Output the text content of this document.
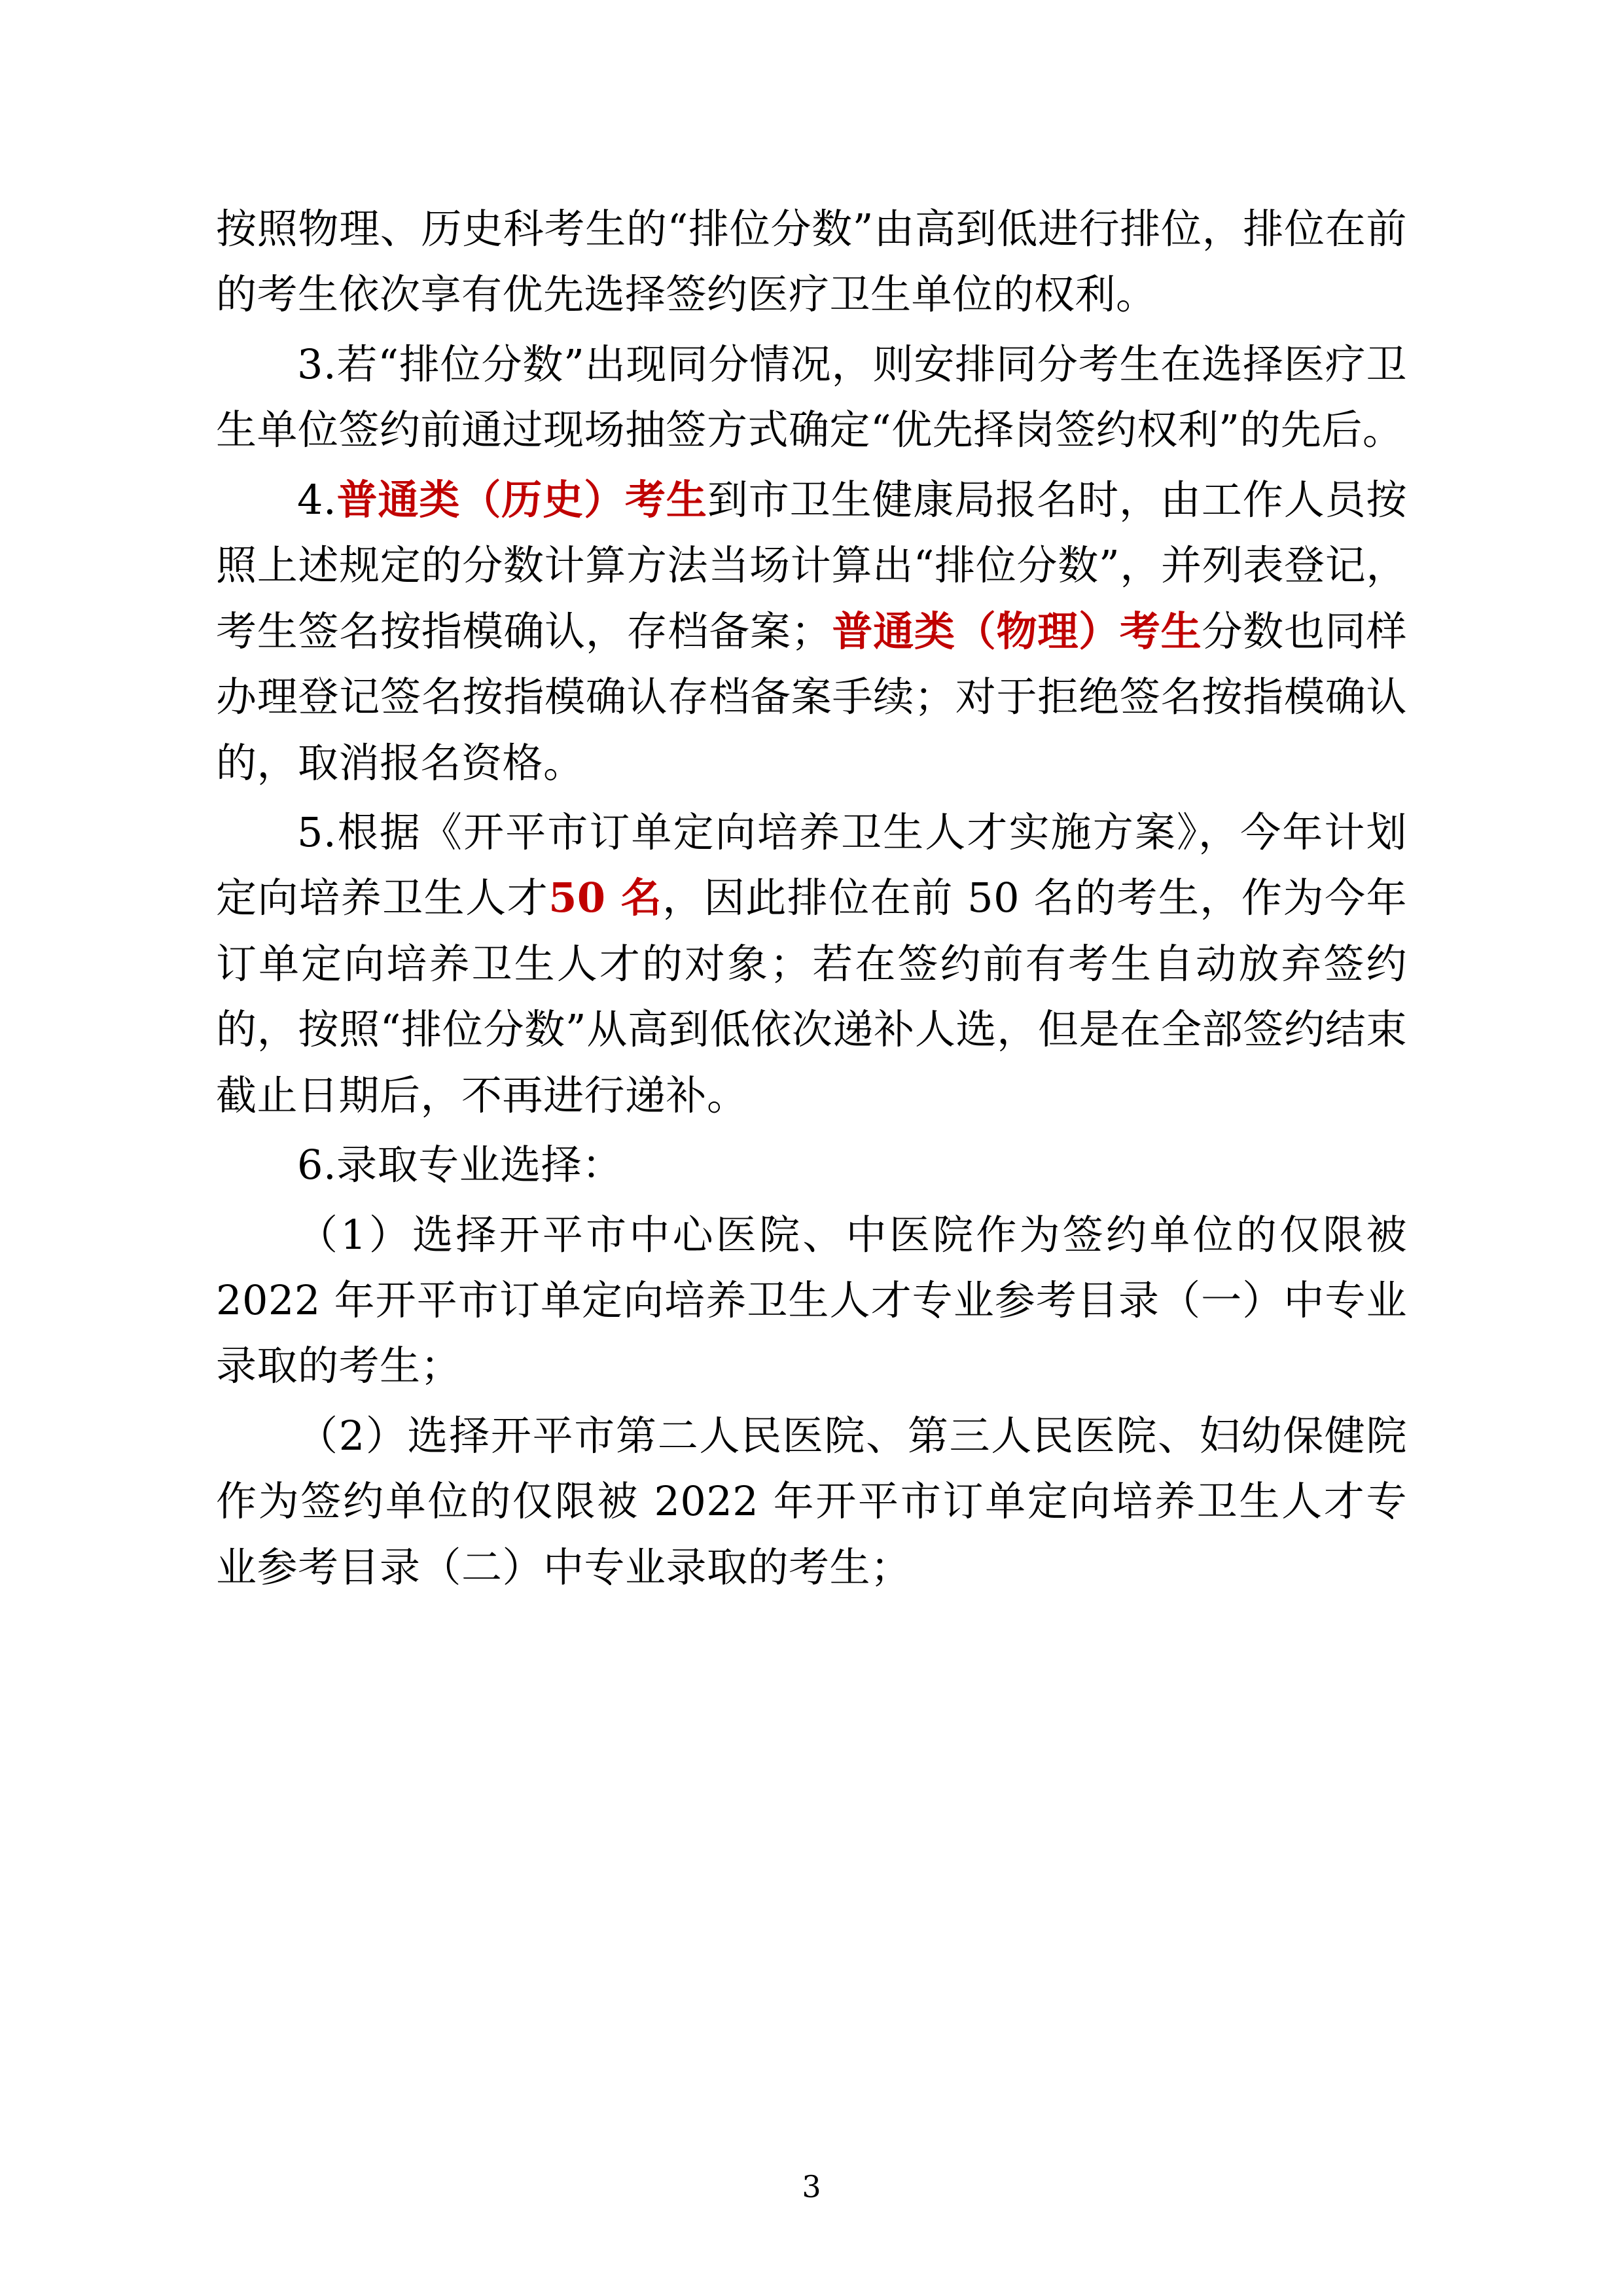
按照物理、历史科考生的“排位分数”由高到低进行排位，排位在前的考生依次享有优先选择签约医疗卫生单位的权利。
3.若“排位分数”出现同分情况，则安排同分考生在选择医疗卫生单位签约前通过现场抽签方式确定“优先择岗签约权利”的先后。
4.普通类（历史）考生到市卫生健康局报名时，由工作人员按照上述规定的分数计算方法当场计算出“排位分数”，并列表登记，考生签名按指模确认，存档备案；普通类（物理）考生分数也同样办理登记签名按指模确认存档备案手续；对于拒绝签名按指模确认的，取消报名资格。
5.根据《开平市订单定向培养卫生人才实施方案》，今年计划定向培养卫生人才50 名，因此排位在前 50 名的考生，作为今年订单定向培养卫生人才的对象；若在签约前有考生自动放弃签约的，按照“排位分数”从高到低依次递补人选，但是在全部签约结束截止日期后，不再进行递补。
6.录取专业选择：
（1）选择开平市中心医院、中医院作为签约单位的仅限被 2022 年开平市订单定向培养卫生人才专业参考目录（一）中专业录取的考生；
（2）选择开平市第二人民医院、第三人民医院、妇幼保健院作为签约单位的仅限被 2022 年开平市订单定向培养卫生人才专业参考目录（二）中专业录取的考生；
3
